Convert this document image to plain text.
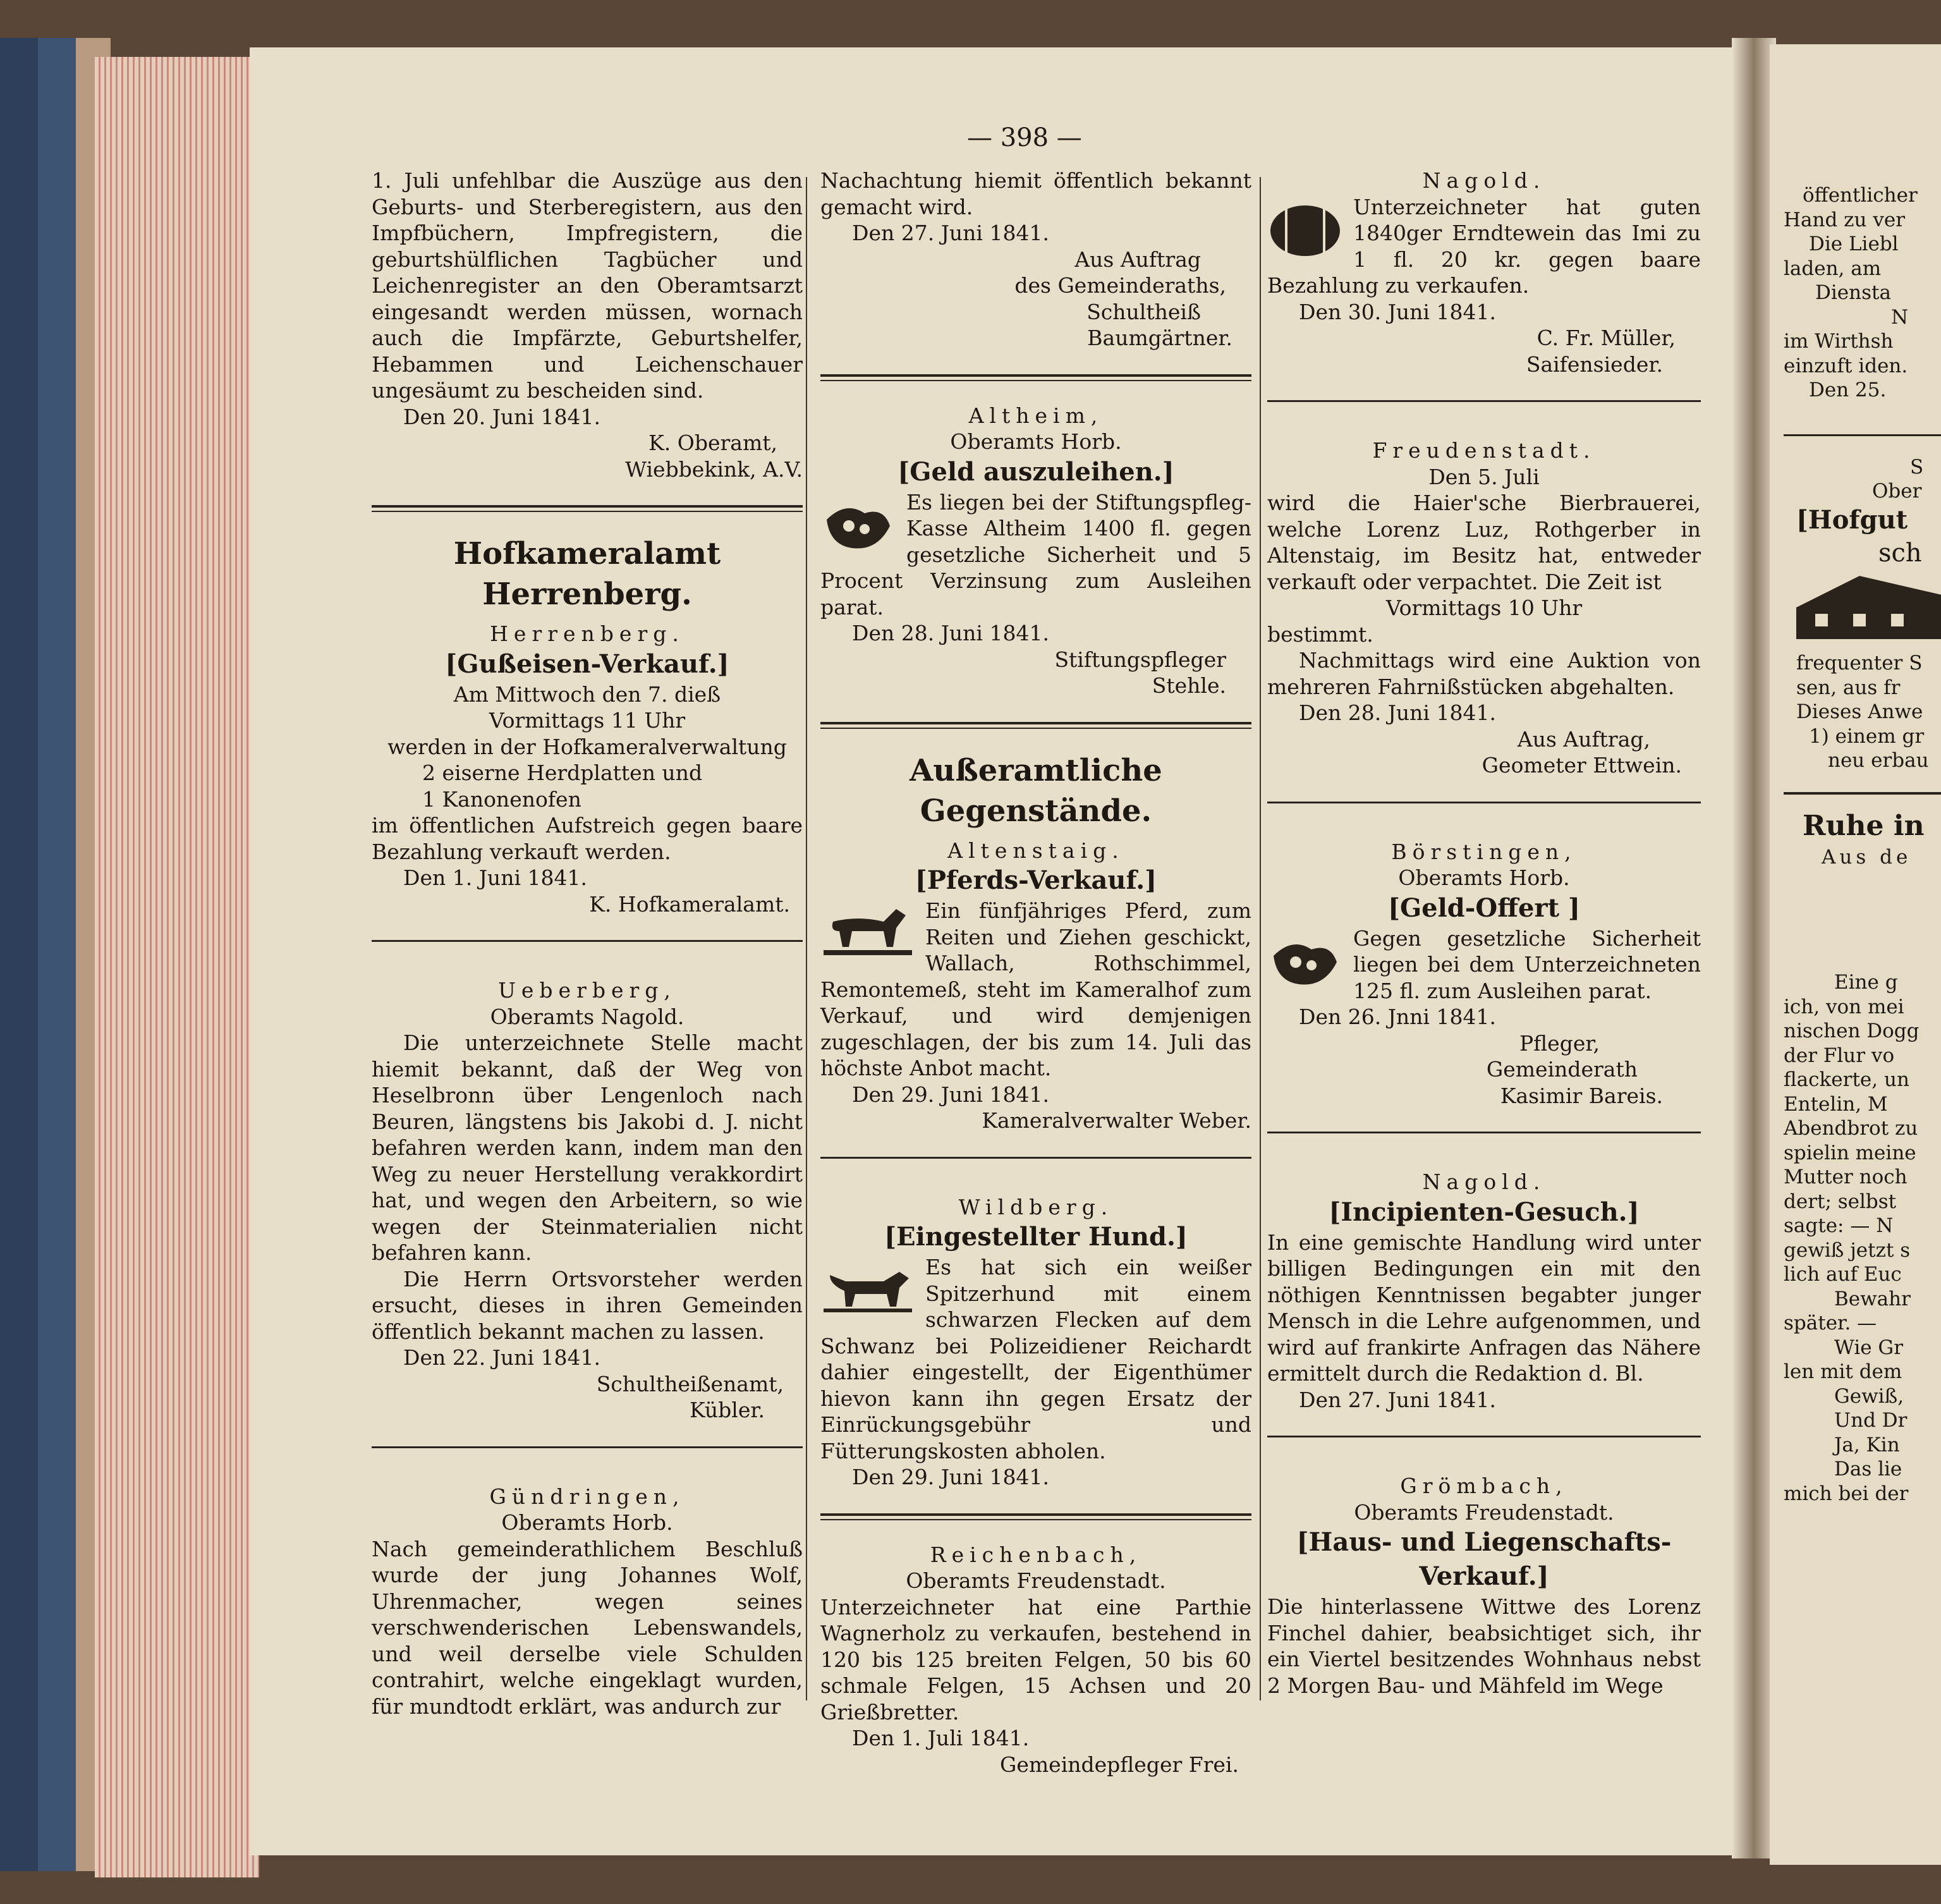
— 398 —

1. Juli unfehlbar die Auszüge aus den Geburts- und Sterberegistern, aus den Impfbüchern, Impfregistern, die geburtshülflichen Tagbücher und Leichenregister an den Oberamtsarzt eingesandt werden müssen, wornach auch die Impfärzte, Geburtshelfer, Hebammen und Leichenschauer ungesäumt zu bescheiden sind.

Den 20. Juni 1841.

K. Oberamt,

Wiebbekink, A.V.

Hofkameralamt Herrenberg.

Herrenberg.

[Gußeisen-Verkauf.]

Am Mittwoch den 7. dieß

Vormittags 11 Uhr

werden in der Hofkameralverwaltung

2 eiserne Herdplatten und

1 Kanonenofen

im öffentlichen Aufstreich gegen baare Bezahlung verkauft werden.

Den 1. Juni 1841.

K. Hofkameralamt.

Ueberberg,

Oberamts Nagold.

Die unterzeichnete Stelle macht hiemit bekannt, daß der Weg von Heselbronn über Lengenloch nach Beuren, längstens bis Jakobi d. J. nicht befahren werden kann, indem man den Weg zu neuer Herstellung verakkordirt hat, und wegen den Arbeitern, so wie wegen der Steinmaterialien nicht befahren kann.

Die Herrn Ortsvorsteher werden ersucht, dieses in ihren Gemeinden öffentlich bekannt machen zu lassen.

Den 22. Juni 1841.

Schultheißenamt,

Kübler.

Gündringen,

Oberamts Horb.

Nach gemeinderathlichem Beschluß wurde der jung Johannes Wolf, Uhrenmacher, wegen seines verschwenderischen Lebenswandels, und weil derselbe viele Schulden contrahirt, welche eingeklagt wurden, für mundtodt erklärt, was andurch zur

Nachachtung hiemit öffentlich bekannt gemacht wird.

Den 27. Juni 1841.

Aus Auftrag

des Gemeinderaths,

Schultheiß

Baumgärtner.

Altheim,

Oberamts Horb.

[Geld auszuleihen.]

Es liegen bei der Stiftungspfleg-Kasse Altheim 1400 fl. gegen gesetzliche Sicherheit und 5 Procent Verzinsung zum Ausleihen parat.

Den 28. Juni 1841.

Stiftungspfleger

Stehle.

Außeramtliche Gegenstände.

Altenstaig.

[Pferds-Verkauf.]

Ein fünfjähriges Pferd, zum Reiten und Ziehen geschickt, Wallach, Rothschimmel, Remontemeß, steht im Kameralhof zum Verkauf, und wird demjenigen zugeschlagen, der bis zum 14. Juli das höchste Anbot macht.

Den 29. Juni 1841.

Kameralverwalter Weber.

Wildberg.

[Eingestellter Hund.]

Es hat sich ein weißer Spitzerhund mit einem schwarzen Flecken auf dem Schwanz bei Polizeidiener Reichardt dahier eingestellt, der Eigenthümer hievon kann ihn gegen Ersatz der Einrückungsgebühr und Fütterungskosten abholen.

Den 29. Juni 1841.

Reichenbach,

Oberamts Freudenstadt.

Unterzeichneter hat eine Parthie Wagnerholz zu verkaufen, bestehend in 120 bis 125 breiten Felgen, 50 bis 60 schmale Felgen, 15 Achsen und 20 Grießbretter.

Den 1. Juli 1841.

Gemeindepfleger Frei.

Nagold.

Unterzeichneter hat guten 1840ger Erndtewein das Imi zu 1 fl. 20 kr. gegen baare Bezahlung zu verkaufen.

Den 30. Juni 1841.

C. Fr. Müller,

Saifensieder.

Freudenstadt.

Den 5. Juli

wird die Haier'sche Bierbrauerei, welche Lorenz Luz, Rothgerber in Altenstaig, im Besitz hat, entweder verkauft oder verpachtet. Die Zeit ist

Vormittags 10 Uhr

bestimmt.

Nachmittags wird eine Auktion von mehreren Fahrnißstücken abgehalten.

Den 28. Juni 1841.

Aus Auftrag,

Geometer Ettwein.

Börstingen,

Oberamts Horb.

[Geld-Offert ]

Gegen gesetzliche Sicherheit liegen bei dem Unterzeichneten 125 fl. zum Ausleihen parat.

Den 26. Jnni 1841.

Pfleger,

Gemeinderath

Kasimir Bareis.

Nagold.

[Incipienten-Gesuch.]

In eine gemischte Handlung wird unter billigen Bedingungen ein mit den nöthigen Kenntnissen begabter junger Mensch in die Lehre aufgenommen, und wird auf frankirte Anfragen das Nähere ermittelt durch die Redaktion d. Bl.

Den 27. Juni 1841.

Grömbach,

Oberamts Freudenstadt.

[Haus- und Liegenschafts-Verkauf.]

Die hinterlassene Wittwe des Lorenz Finchel dahier, beabsichtiget sich, ihr ein Viertel besitzendes Wohnhaus nebst 2 Morgen Bau- und Mähfeld im Wege

öffentlicher

Hand zu ver

Die Liebl

laden, am

Diensta

N

im Wirthsh

einzuft iden.

Den 25.

S

Ober

[Hofgut

sch

frequenter S

sen, aus fr

Dieses Anwe

1) einem gr

neu erbau

Ruhe in

Aus de

Eine g

ich, von mei

nischen Dogg

der Flur vo

flackerte, un

Entelin, M

Abendbrot zu

spielin meine

Mutter noch

dert; selbst

sagte: — N

gewiß jetzt s

lich auf Euc

Bewahr

später. —

Wie Gr

len mit dem

Gewiß,

Und Dr

Ja, Kin

Das lie

mich bei der
